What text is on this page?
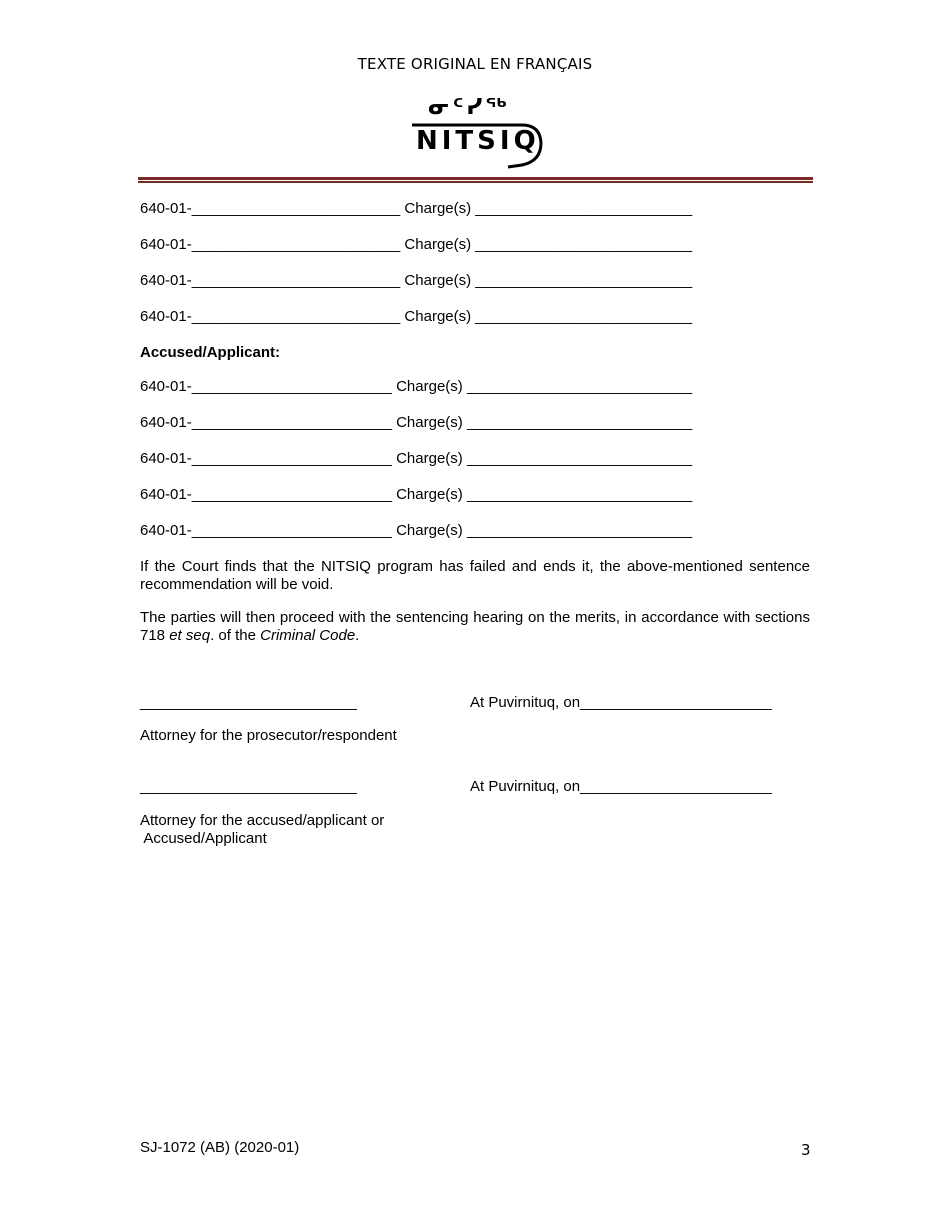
TEXTE ORIGINAL EN FRANÇAIS
ᓂᑦᓯᖅ
NITSIQ
640-01-_________________________ Charge(s) __________________________
640-01-_________________________ Charge(s) __________________________
640-01-_________________________ Charge(s) __________________________
640-01-_________________________ Charge(s) __________________________
Accused/Applicant:
640-01-________________________ Charge(s) ___________________________
640-01-________________________ Charge(s) ___________________________
640-01-________________________ Charge(s) ___________________________
640-01-________________________ Charge(s) ___________________________
640-01-________________________ Charge(s) ___________________________
If the Court finds that the NITSIQ program has failed and ends it, the above-mentioned sentence recommendation will be void.
The parties will then proceed with the sentencing hearing on the merits, in accordance with sections 718 et seq. of the Criminal Code.
__________________________	At Puvirnituq, on_______________________
Attorney for the prosecutor/respondent
__________________________	At Puvirnituq, on_______________________
Attorney for the accused/applicant or
Accused/Applicant
SJ-1072 (AB) (2020-01)	3
